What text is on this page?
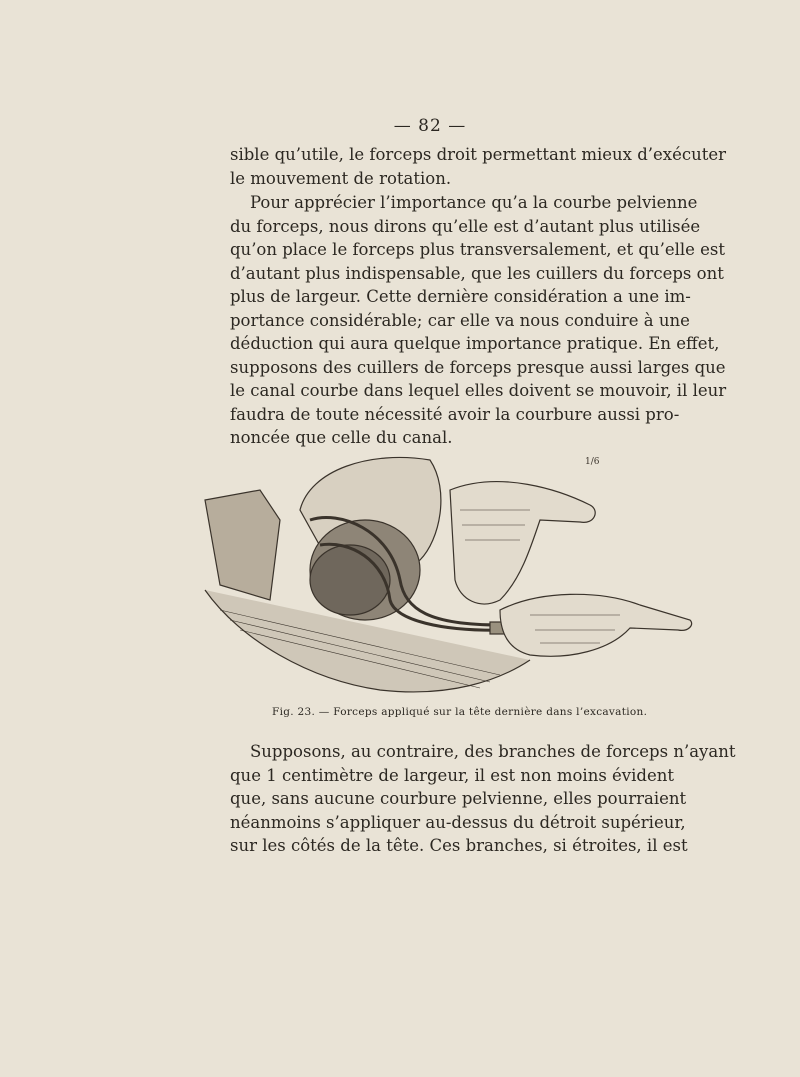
— 82 —

sible qu’utile, le forceps droit permettant mieux d’exécuter
le mouvement de rotation.

Pour apprécier l’importance qu’a la courbe pelvienne
du forceps, nous dirons qu’elle est d’autant plus utilisée
qu’on place le forceps plus transversalement, et qu’elle est
d’autant plus indispensable, que les cuillers du forceps ont
plus de largeur. Cette dernière considération a une im-
portance considérable; car elle va nous conduire à une
déduction qui aura quelque importance pratique. En effet,
supposons des cuillers de forceps presque aussi larges que
le canal courbe dans lequel elles doivent se mouvoir, il leur
faudra de toute nécessité avoir la courbure aussi pro-
noncée que celle du canal.

1/6
Fig. 23. — Forceps appliqué sur la tête dernière dans l’excavation.

Supposons, au contraire, des branches de forceps n’ayant
que 1 centimètre de largeur, il est non moins évident
que, sans aucune courbure pelvienne, elles pourraient
néanmoins s’appliquer au-dessus du détroit supérieur,
sur les côtés de la tête. Ces branches, si étroites, il est
